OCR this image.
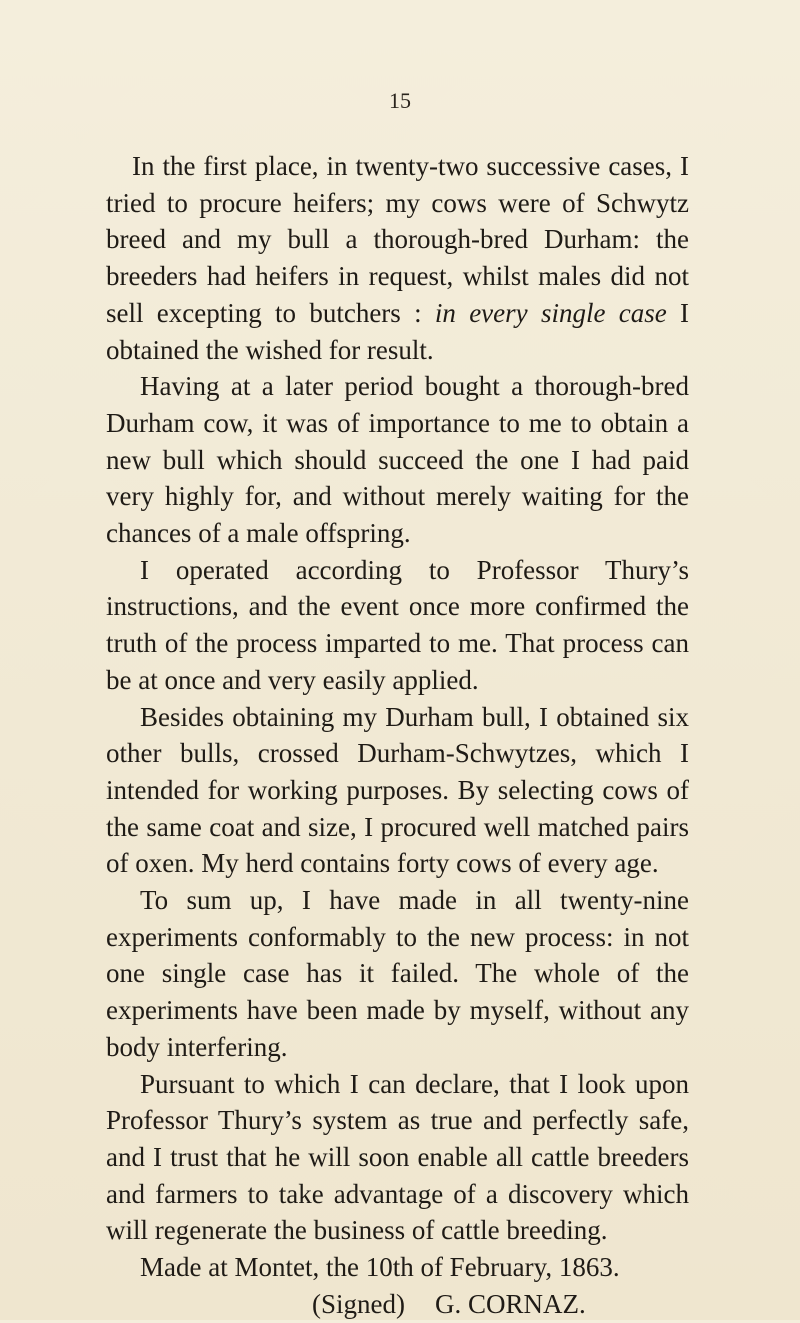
15

In the first place, in twenty-two successive cases, I tried to procure heifers; my cows were of Schwytz breed and my bull a thorough-bred Durham: the breeders had heifers in request, whilst males did not sell excepting to butchers : in every single case I obtained the wished for result.

Having at a later period bought a thorough-bred Durham cow, it was of importance to me to obtain a new bull which should succeed the one I had paid very highly for, and without merely waiting for the chances of a male offspring.

I operated according to Professor Thury’s instructions, and the event once more confirmed the truth of the process imparted to me. That process can be at once and very easily applied.

Besides obtaining my Durham bull, I obtained six other bulls, crossed Durham-Schwytzes, which I intended for working purposes. By selecting cows of the same coat and size, I procured well matched pairs of oxen. My herd contains forty cows of every age.

To sum up, I have made in all twenty-nine experiments conformably to the new process: in not one single case has it failed. The whole of the experiments have been made by myself, without any body interfering.

Pursuant to which I can declare, that I look upon Professor Thury’s system as true and perfectly safe, and I trust that he will soon enable all cattle breeders and farmers to take advantage of a discovery which will regenerate the business of cattle breeding.

Made at Montet, the 10th of February, 1863.

(Signed) G. CORNAZ.
